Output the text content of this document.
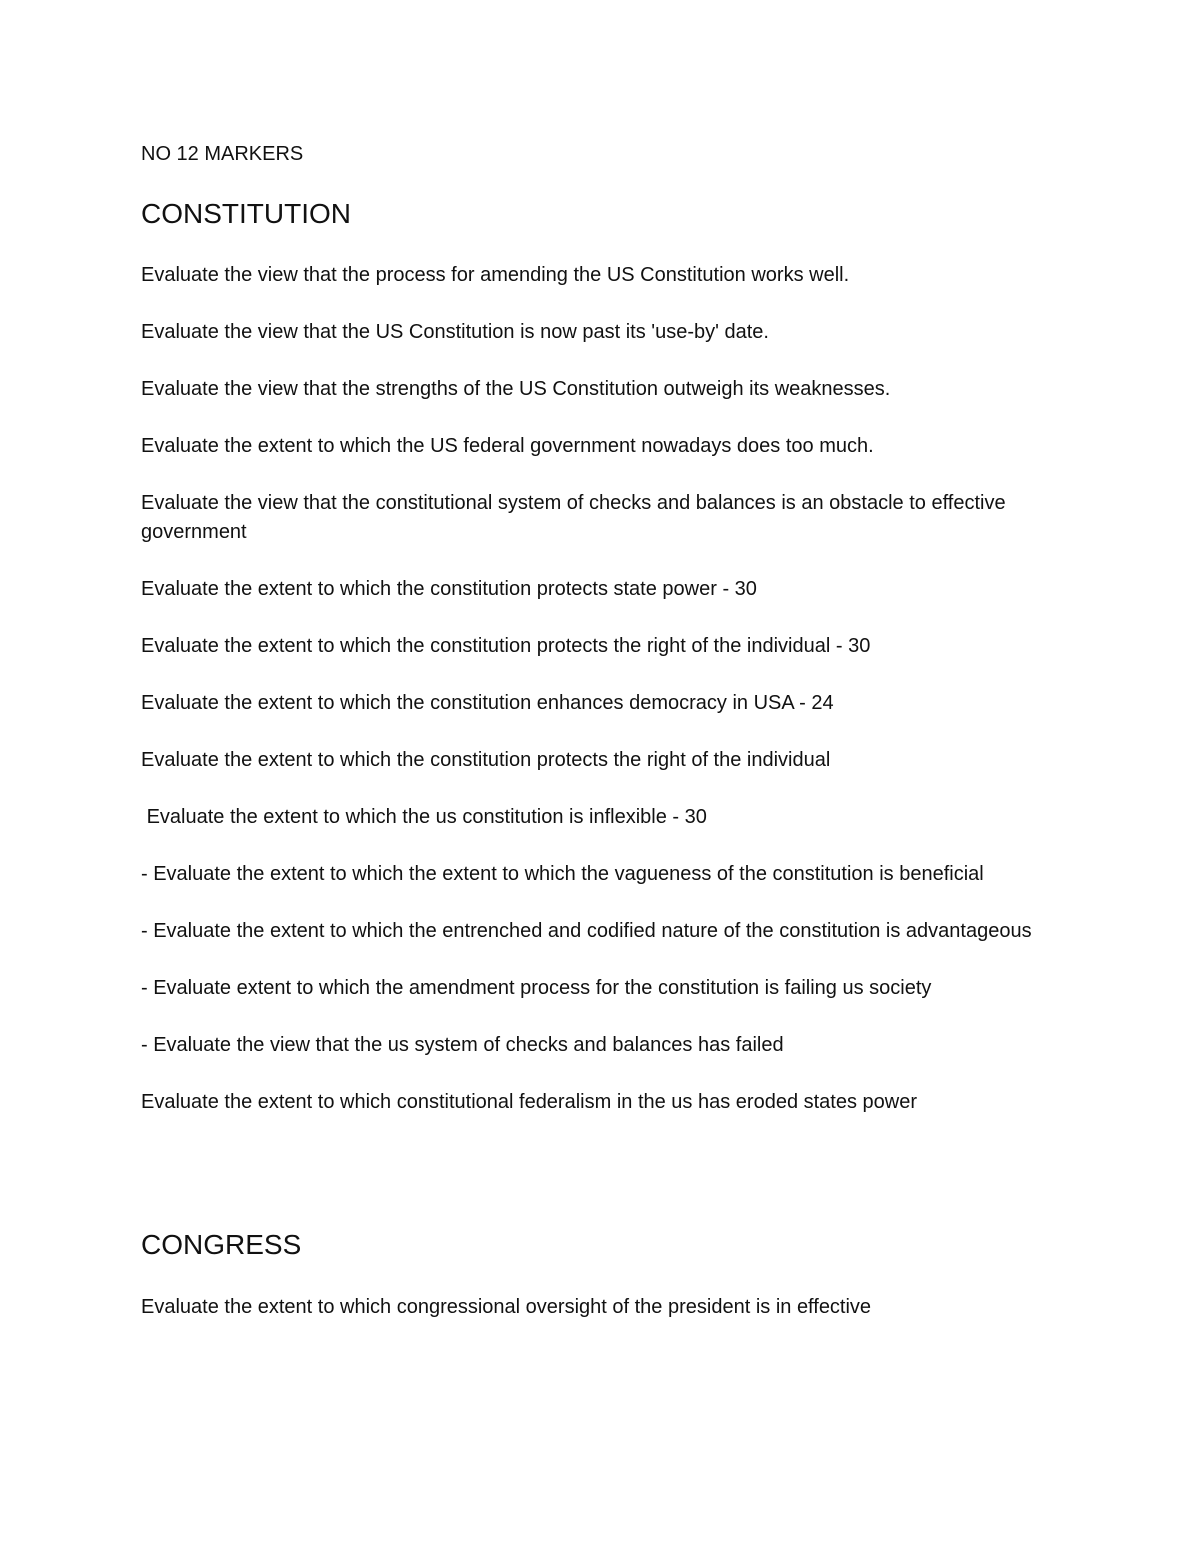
NO 12 MARKERS

CONSTITUTION
Evaluate the view that the process for amending the US Constitution works well.
Evaluate the view that the US Constitution is now past its 'use-by' date.
Evaluate the view that the strengths of the US Constitution outweigh its weaknesses.
Evaluate the extent to which the US federal government nowadays does too much.
Evaluate the view that the constitutional system of checks and balances is an obstacle to effective government
Evaluate the extent to which the constitution protects state power - 30
Evaluate the extent to which the constitution protects the right of the individual - 30
Evaluate the extent to which the constitution enhances democracy in USA - 24
Evaluate the extent to which the constitution protects the right of the individual
Evaluate the extent to which the us constitution is inflexible - 30
- Evaluate the extent to which the extent to which the vagueness of the constitution is beneficial
- Evaluate the extent to which the entrenched and codified nature of the constitution is advantageous
- Evaluate extent to which the amendment process for the constitution is failing us society
- Evaluate the view that the us system of checks and balances has failed
Evaluate the extent to which constitutional federalism in the us has eroded states power
CONGRESS
Evaluate the extent to which congressional oversight of the president is in effective
